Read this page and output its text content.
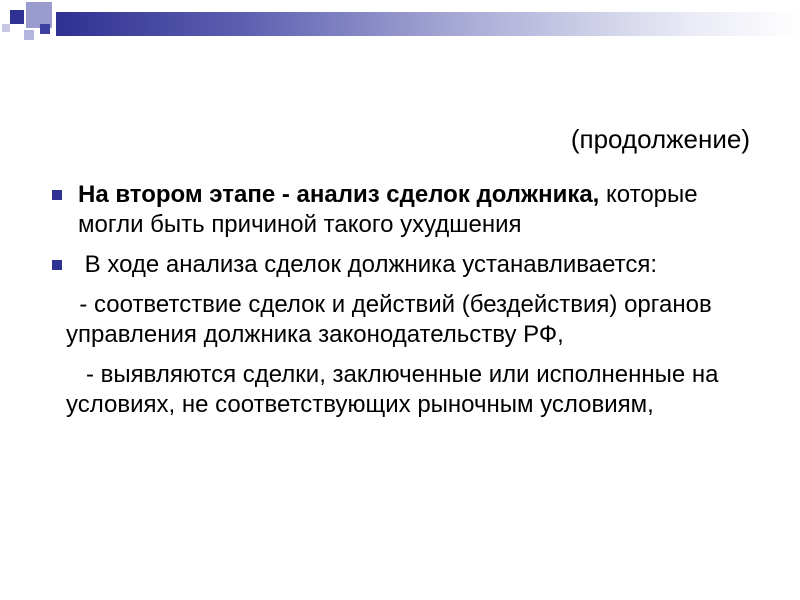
(продолжение)

На втором этапе - анализ сделок должника, которые могли быть причиной такого ухудшения

В ходе анализа сделок должника устанавливается:

- соответствие сделок и действий (бездействия) органов управления должника законодательству РФ,

- выявляются сделки, заключенные или исполненные на условиях, не соответствующих рыночным условиям,
